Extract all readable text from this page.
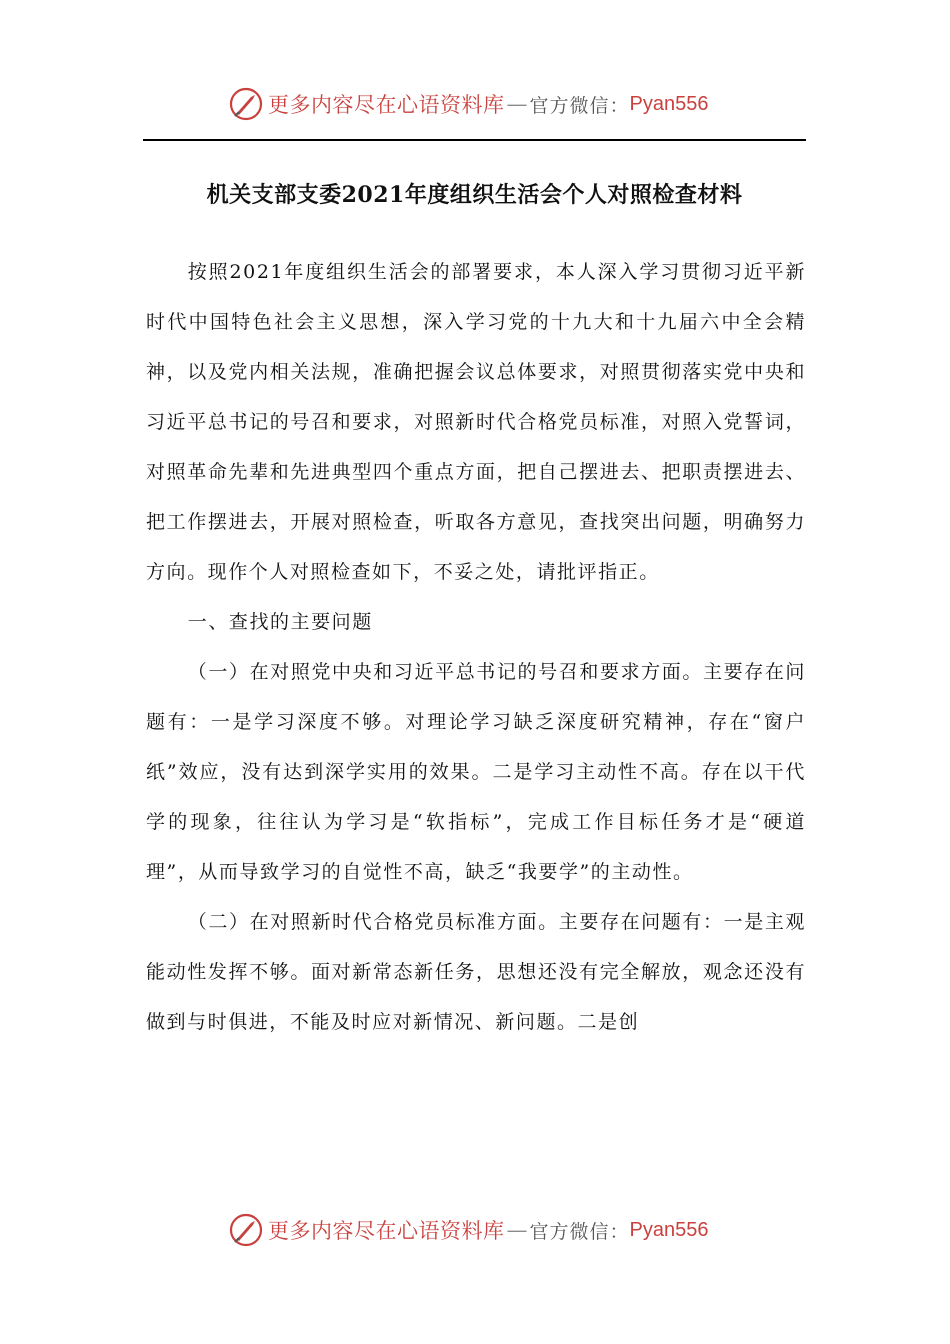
更多内容尽在心语资料库 — 官方微信： Pyan556
机关支部支委2021年度组织生活会个人对照检查材料

按照2021年度组织生活会的部署要求，本人深入学习贯彻习近平新时代中国特色社会主义思想，深入学习党的十九大和十九届六中全会精神，以及党内相关法规，准确把握会议总体要求，对照贯彻落实党中央和习近平总书记的号召和要求，对照新时代合格党员标准，对照入党誓词，对照革命先辈和先进典型四个重点方面，把自己摆进去、把职责摆进去、把工作摆进去，开展对照检查，听取各方意见，查找突出问题，明确努力方向。现作个人对照检查如下，不妥之处，请批评指正。

一、查找的主要问题

（一）在对照党中央和习近平总书记的号召和要求方面。主要存在问题有：一是学习深度不够。对理论学习缺乏深度研究精神，存在“窗户纸”效应，没有达到深学实用的效果。二是学习主动性不高。存在以干代学的现象，往往认为学习是“软指标”，完成工作目标任务才是“硬道理”，从而导致学习的自觉性不高，缺乏“我要学”的主动性。

（二）在对照新时代合格党员标准方面。主要存在问题有：一是主观能动性发挥不够。面对新常态新任务，思想还没有完全解放，观念还没有做到与时俱进，不能及时应对新情况、新问题。二是创

更多内容尽在心语资料库 — 官方微信： Pyan556
